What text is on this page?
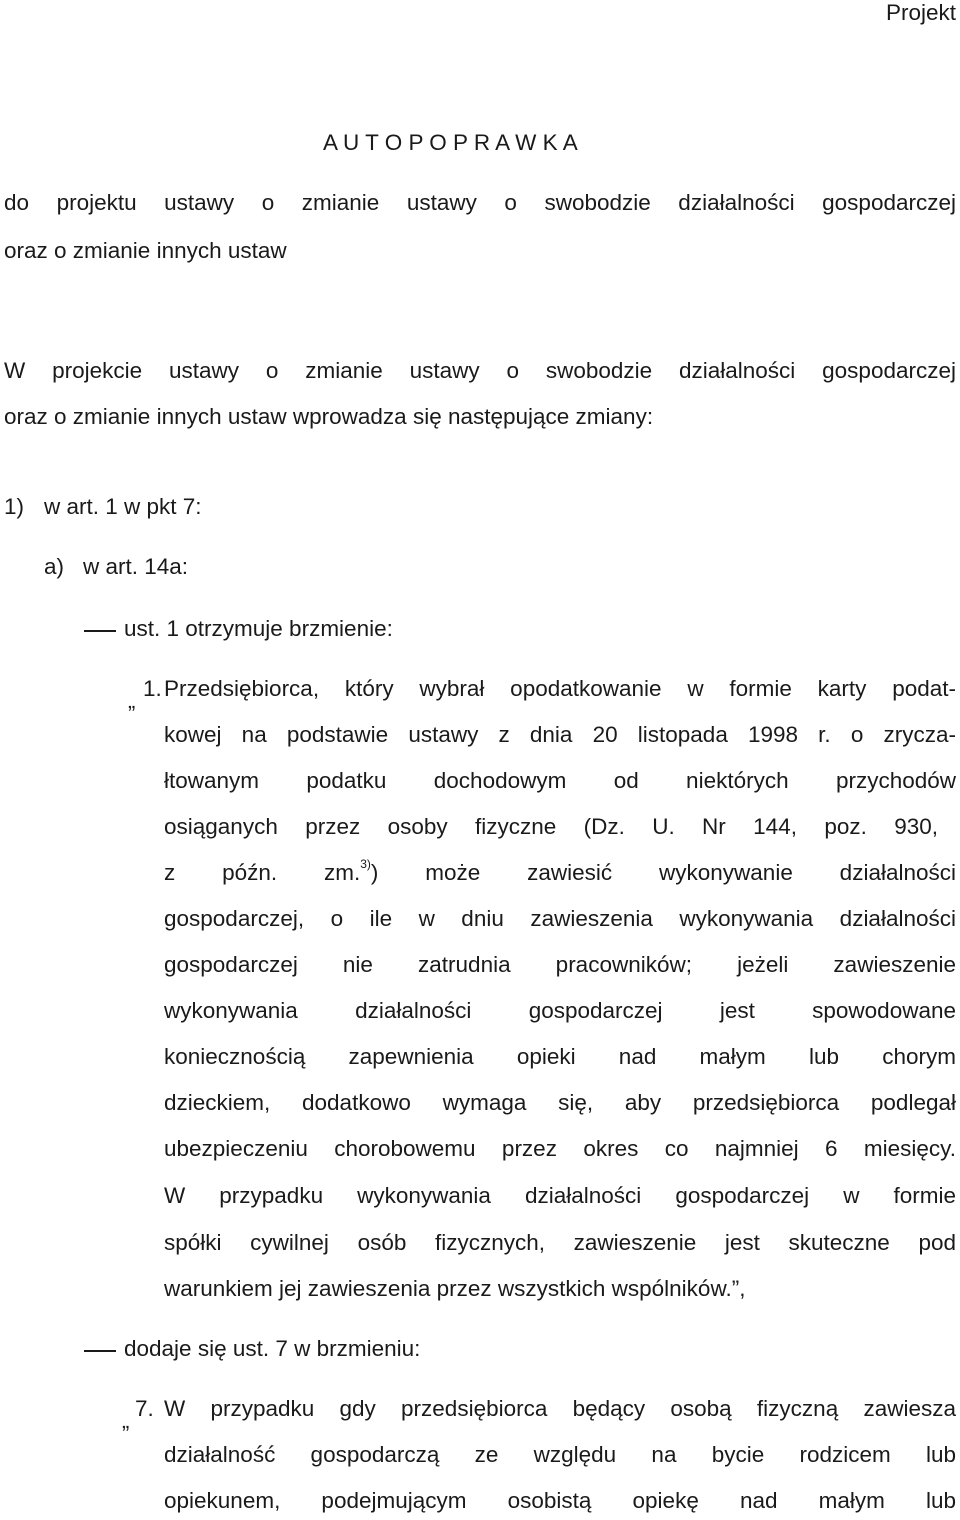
Projekt
A U T O P O P R A W K A
do projektu ustawy o zmianie ustawy o swobodzie działalności gospodarczej
oraz o zmianie innych ustaw
W projekcie ustawy o zmianie ustawy o swobodzie działalności gospodarczej
oraz o zmianie innych ustaw wprowadza się następujące zmiany:
1) w art. 1 w pkt 7:
a) w art. 14a:
ust. 1 otrzymuje brzmienie:
„ 1. Przedsiębiorca, który wybrał opodatkowanie w formie karty podat-
kowej na podstawie ustawy z dnia 20 listopada 1998 r. o zrycza-
łtowanym podatku dochodowym od niektórych przychodów
osiąganych przez osoby fizyczne (Dz. U. Nr 144, poz. 930,
z późn. zm.$^{3)}$) może zawiesić wykonywanie działalności
gospodarczej, o ile w dniu zawieszenia wykonywania działalności
gospodarczej nie zatrudnia pracowników; jeżeli zawieszenie
wykonywania działalności gospodarczej jest spowodowane
koniecznością zapewnienia opieki nad małym lub chorym
dzieckiem, dodatkowo wymaga się, aby przedsiębiorca podlegał
ubezpieczeniu chorobowemu przez okres co najmniej 6 miesięcy.
W przypadku wykonywania działalności gospodarczej w formie
spółki cywilnej osób fizycznych, zawieszenie jest skuteczne pod
warunkiem jej zawieszenia przez wszystkich wspólników.”,
dodaje się ust. 7 w brzmieniu:
„ 7. W przypadku gdy przedsiębiorca będący osobą fizyczną zawiesza
działalność gospodarczą ze względu na bycie rodzicem lub
opiekunem, podejmującym osobistą opiekę nad małym lub
